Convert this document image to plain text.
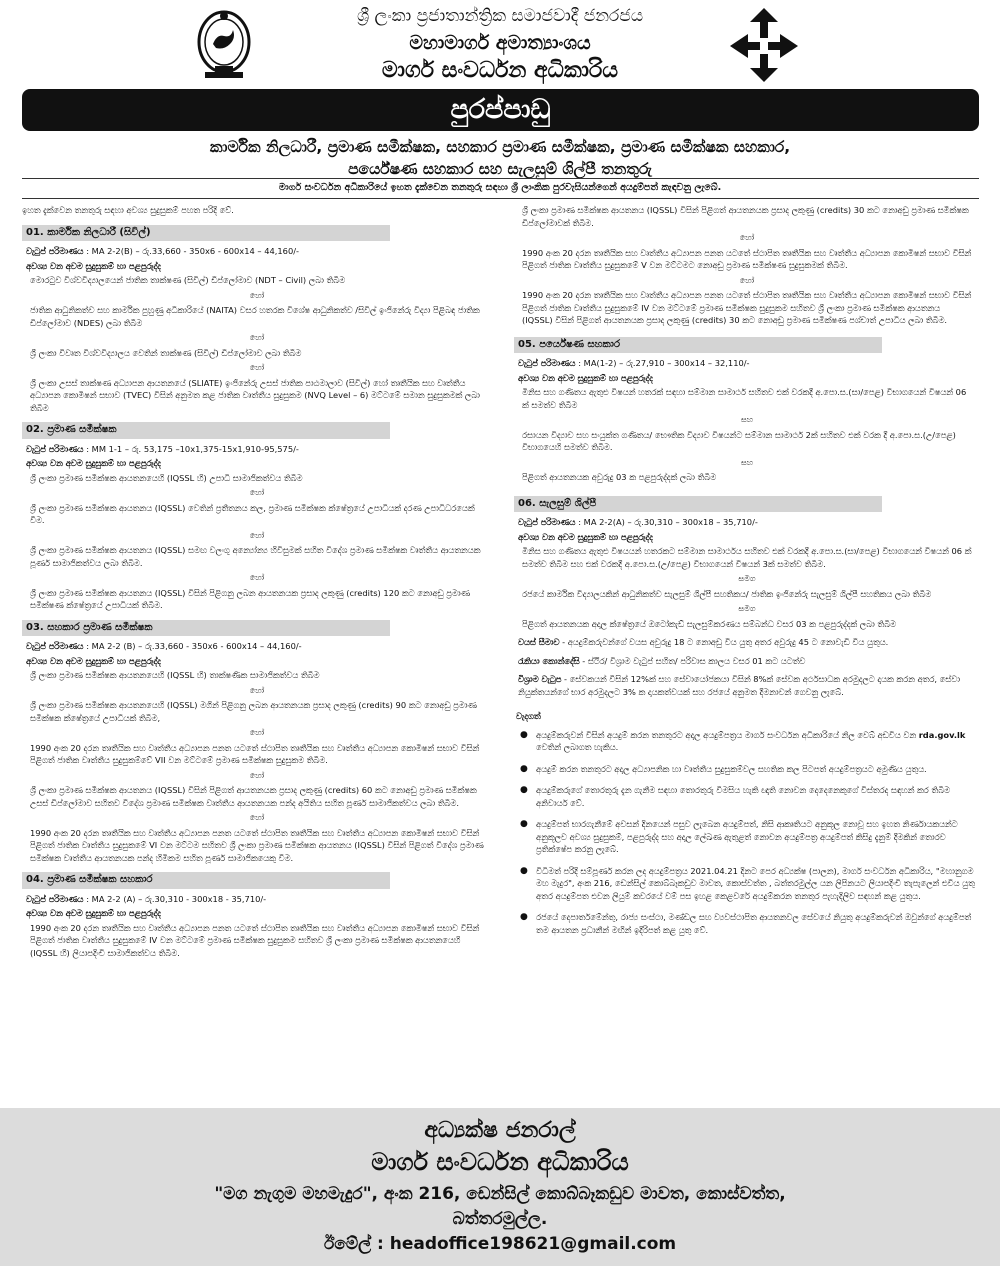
ශ්‍රී ලංකා ප්‍රජාතාන්ත්‍රික සමාජවාදී ජනරජය
මහාමාර්ග අමාත්‍යාංශය
මාර්ග සංවර්ධන අධිකාරිය
පුරප්පාඩු
කාර්මික නිලධාරී, ප්‍රමාණ සමීක්ෂක, සහකාර ප්‍රමාණ සමීක්ෂක, ප්‍රමාණ සමීක්ෂක සහකාර,
පර්යේෂණ සහකාර සහ සැලසුම් ශිල්පී තනතුරු
මාර්ග සංවර්ධන අධිකාරියේ ඉහත දැක්වෙන තනතුරු සඳහා ශ්‍රී ලාංකික පුරවැසියන්ගෙන් අයදුම්පත් කැඳවනු ලැබේ.
ඉහත දැක්වෙන තනතුරු සඳහා අවශ්‍ය සුදුසුකම් පහත පරිදි වේ.
01. කාර්මික නිලධාරී (සිවිල්)
වැටුප් පරිමාණය : MA 2-2(B) – රු.33,660 - 350x6 - 600x14 – 44,160/-
අවශ්‍ය වන අවම සුදුසුකම් හා පළපුරුද්ද
මොරටුව විශ්වවිද්‍යාලයෙන් ජාතික තාක්ෂණ (සිවිල්) ඩිප්ලෝමාව (NDT – Civil) ලබා තිබීම
හෝ
ජාතික ආධුනිකත්ව සහ කාර්මික පුහුණු අධිකාරියේ (NAITA) වසර හතරක විශේෂ ආධුනිකත්ව /සිවිල් ඉංජිනේරු විද්‍යා පිළිබඳ ජාතික ඩිප්ලෝමාව (NDES) ලබා තිබීම
හෝ
ශ්‍රී ලංකා විවෘත විශ්වවිද්‍යාලය වෙතින් තාක්ෂණ (සිවිල්) ඩිප්ලෝමාව ලබා තිබීම
හෝ
ශ්‍රී ලංකා උසස් තාක්ෂණ අධ්‍යාපන ආයතනයේ (SLIATE) ඉංජිනේරු උසස් ජාතික පාඨමාලාව (සිවිල්) හෝ තෘතීයික සහ වෘත්තීය අධ්‍යාපන කොමිෂන් සභාව (TVEC) විසින් අනුමත කළ ජාතික වෘත්තීය සුදුසුකම (NVQ Level – 6) මට්ටමේ සමාන සුදුසුකමක් ලබා තිබීම
02. ප්‍රමාණ සමීක්ෂක
වැටුප් පරිමාණය : MM 1-1 – රු. 53,175 –10x1,375-15x1,910-95,575/-
අවශ්‍ය වන අවම සුදුසුකම් හා පළපුරුද්ද
ශ්‍රී ලංකා ප්‍රමාණ සමීක්ෂක ආයතනයෙහි (IQSSL හි) උපාධි සාමාජිකත්වය තිබීම
හෝ
ශ්‍රී ලංකා ප්‍රමාණ සමීක්ෂක ආයතනය (IQSSL) වෙතින් ප්‍රතීතනය කල, ප්‍රමාණ සමීක්ෂක ක්ෂේත්‍රයේ උපාධියක් දරණ උපාධිධරයෙක් වීම.
හෝ
ශ්‍රී ලංකා ප්‍රමාණ සමීක්ෂක ආයතනය (IQSSL) සමඟ වලංගු අන්‍යෝන්‍ය හිවිසුමක් සහිත විදේශ ප්‍රමාණ සමීක්ෂක වෘත්තීය ආයතනයක පූර්ණ සාමාජිකත්වය ලබා තිබීම.
හෝ
ශ්‍රී ලංකා ප්‍රමාණ සමීක්ෂක ආයතනය (IQSSL) විසින් පිළිගනු ලබන ආයතනයක ප්‍රසාද ලකුණු (credits) 120 කට නොඅඩු ප්‍රමාණ සමීක්ෂණ ක්ෂේත්‍රයේ උපාධියක් තිබීම.
03. සහකාර ප්‍රමාණ සමීක්ෂක
වැටුප් පරිමාණය : MA 2-2 (B) – රු.33,660 - 350x6 - 600x14 – 44,160/-
අවශ්‍ය වන අවම සුදුසුකම් හා පළපුරුද්ද
ශ්‍රී ලංකා ප්‍රමාණ සමීක්ෂක ආයතනයෙහි (IQSSL හි) තාක්ෂණික සාමාජිකත්වය තිබීම
හෝ
ශ්‍රී ලංකා ප්‍රමාණ සමීක්ෂක ආයතනයෙහි (IQSSL) මගින් පිළිගනු ලබන ආයතනයක ප්‍රසාද ලකුණු (credits) 90 කට නොඅඩු ප්‍රමාණ සමීක්ෂක ක්ෂේත්‍රයේ උපාධියක් තිබීම,
හෝ
1990 අංක 20 දරන තෘතීයික සහ වෘත්තීය අධ්‍යාපන පනත යටතේ ස්ථාපිත තෘතීයික සහ වෘත්තීය අධ්‍යාපන කොමිෂන් සභාව විසින් පිළිගත් ජාතික වෘත්තීය සුදුසුකම්වේ VII වන මට්ටමේ ප්‍රමාණ සමීක්ෂක සුදුසුකම තිබීම.
හෝ
ශ්‍රී ලංකා ප්‍රමාණ සමීක්ෂක ආයතනය (IQSSL) විසින් පිළිගත් ආයතනයක ප්‍රසාද ලකුණු (credits) 60 කට නොඅඩු ප්‍රමාණ සමීක්ෂක උසස් ඩිප්ලෝමාව සහිතව විදේශ ප්‍රමාණ සමීක්ෂක වෘත්තීය ආයතනයක පන්ද අයිතිය සහිත පූර්ණ සාමාජිකත්වය ලබා තිබීම.
හෝ
1990 අංක 20 දරන තෘතීයික සහ වෘත්තීය අධ්‍යාපන පනත යටතේ ස්ථාපිත තෘතීයික සහ වෘත්තීය අධ්‍යාපන කොමිෂන් සභාව විසින් පිළිගත් ජාතික වෘත්තීය සුදුසුකමේ VI වන මට්ටම සහිතව ශ්‍රී ලංකා ප්‍රමාණ සමීක්ෂක ආයතනය (IQSSL) විසින් පිළිගත් විදේශ ප්‍රමාණ සමීක්ෂක වෘත්තීය ආයතනයක පන්ද හිමිකම සහිත පූර්ණ සාමාජිකයෙකු වීම.
04. ප්‍රමාණ සමීක්ෂක සහකාර
වැටුප් පරිමාණය : MA 2-2 (A) – රු.30,310 - 300x18 - 35,710/-
අවශ්‍ය වන අවම සුදුසුකම් හා පළපුරුද්ද
1990 අංක 20 දරන තෘතීයික සහ වෘත්තීය අධ්‍යාපන පනත යටතේ ස්ථාපිත තෘතීයික සහ වෘත්තීය අධ්‍යාපන කොමිෂන් සභාව විසින් පිළිගත් ජාතික වෘත්තීය සුදුසුකමේ IV වන මට්ටමේ ප්‍රමාණ සමීක්ෂක සුදුසුකම සහිතව ශ්‍රී ලංකා ප්‍රමාණ සමීක්ෂක ආයතනයෙහි (IQSSL හි) ලියාපදිංචි සාමාජිකත්වය තිබීම.
ශ්‍රී ලංකා ප්‍රමාණ සමීක්ෂක ආයතනය (IQSSL) විසින් පිළිගත් ආයතනයක ප්‍රසාද ලකුණු (credits) 30 කට නොඅඩු ප්‍රමාණ සමීක්ෂක ඩිප්ලෝමාවක් තිබීම.
හෝ
1990 අංක 20 දරන තෘතීයික සහ වෘත්තීය අධ්‍යාපන පනත යටතේ ස්ථාපිත තෘතීයික සහ වෘත්තීය අධ්‍යාපන කොමිෂන් සභාව විසින් පිළිගත් ජාතික වෘත්තීය සුදුසුකමේ V වන මට්ටමට නොඅඩු ප්‍රමාණ සමීක්ෂණ සුදුසුකමක් තිබීම.
හෝ
1990 අංක 20 දරන තෘතීයික සහ වෘත්තීය අධ්‍යාපන පනත යටතේ ස්ථාපිත තෘතීයික සහ වෘත්තීය අධ්‍යාපන කොමිෂන් සභාව විසින් පිළිගත් ජාතික වෘත්තීය සුදුසුකමේ IV වන මට්ටමේ ප්‍රමාණ සමීක්ෂක සුදුසුකම සහිතව ශ්‍රී ලංකා ප්‍රමාණ සමීක්ෂක ආයතනය (IQSSL) විසින් පිළිගත් ආයතනයක ප්‍රසාද ලකුණු (credits) 30 කට නොඅඩු ප්‍රමාණ සමීක්ෂණ පශ්චාත් උපාධිය ලබා තිබීම.
05. පර්යේෂණ සහකාර
වැටුප් පරිමාණය : MA(1-2) – රු.27,910 – 300x14 – 32,110/-
අවශ්‍ය වන අවම සුදුසුකම් හා පළපුරුද්ද
මිනිස සහ ගණිතය ඇතුළු විෂයන් හතරක් සඳහා සම්මාන සාමාර්ථ සහිතව එක් වරකදී අ.පො.ස.(සා/පෙළ) විභාගයෙන් විෂයන් 06 ක් සමත්ව තිබීම
සහ
රසායන විද්‍යාව සහ සංයුක්ත ගණිතය/ භෞතික විද්‍යාව විෂයන්ට සම්මාන සාමාර්ථ 2ක් සහිතව එක් වරක දී අ.පො.ස.(උ/පෙළ) විභාගයෙහි සමත්ව තිබීම.
සහ
පිළිගත් ආයතනයක අවුරුදු 03 ක පළපුරුද්දක් ලබා තිබීම
06. සැලසුම් ශිල්පී
වැටුප් පරිමාණය : MA 2-2(A) – රු.30,310 – 300x18 – 35,710/-
අවශ්‍ය වන අවම සුදුසුකම් හා පළපුරුද්ද
මිනිස සහ ගණිතය ඇතුළු විෂයයන් හතරකට සම්මාන සාමාර්ථය සහිතව එක් වරකදී අ.පො.ස.(සා/පෙළ) විභාගයෙන් විෂයන් 06 ක් සමත්ව තිබීම සහ එක් වරකදී අ.පො.ස.(උ/පෙළ) විභාගයෙන් විෂයන් 3ක් සමත්ව තිබීම.
සමග
රජයේ කාර්මික විද්‍යාලයකින් ආධුනිකත්ව සැලසුම් ශිල්පී සහතිකය/ ජාතික ඉංජිනේරු සැලසුම් ශිල්පී සහතිකය ලබා තිබීම
සමග
පිළිගත් ආයතනයක අදාල ක්ෂේත්‍රයේ ඔටෝකැඩ් සැලසුම්කරණය සම්බන්ධ වසර 03 ක පළපුරුද්දක් ලබා තිබීම
වයස් සීමාව - අයදුම්කරුවන්ගේ වයස අවුරුදු 18 ට නොඅඩු විය යුතු අතර අවුරුදු 45 ට නොවැඩි විය යුතුය.
රැකියා කොන්දේසි - ස්ථිර/ විශ්‍රාම වැටුප් සහිත/ පරිවාස කාලය වසර 01 කට යටත්ව
විශ්‍රාම වැටුප - සේවකයන් විසින් 12%ක් සහ සේවායෝජකයා විසින් 8%ක් සේවක අර්ථසාධක අරමුදලට දායක කරන අතර, සේවා නියුක්තයන්ගේ භාර අරමුදලට 3% ක දායකත්වයක් සහ රජයේ අනුමත දීමනාවන් ගෙවනු ලැබේ.
වැදගත්
● අයදුම්කරුවන් විසින් අයදුම් කරන තනතුරට අදාල අයදුම්පත්‍රය මාර්ග සංවර්ධන අධිකාරියේ නිල වෙබ් අඩවිය වන rda.gov.lk වෙතින් ලබාගත හැකිය.
● අයදුම් කරන තනතුරට අදාල අධ්‍යාපනික හා වෘත්තීය සුදුසුකම්වල සහතික කල පිටපත් අයදුම්පත්‍රයට අමුණිය යුතුය.
● අයදුම්කරුගේ තොරතුරු දැන ගැනීම සඳහා තොරතුරු විමසිය හැකි ඥාති නොවන දෙදෙනෙකුගේ විස්තරද සඳහන් කර තිබීම අනිවාර්ය වේ.
● අයදුම්පත් භාරගැනීමේ අවසන් දිනයෙන් පසුව ලැබෙන අයදුම්පත්, නිසි ආකෘතියට අනුකූල නොවූ සහ ඉහත නිර්ණායකයන්ට අනුකූලව අවශ්‍ය සුදුසුකම්, පළපුරුද්ද සහ අදාල ලේඛණ ඇතුළත් නොවන අයදුම්පත්‍ර අයදුම්පත් කිසිදු දැනුම් දීමකින් තොරව ප්‍රතික්ෂේප කරනු ලැබේ.
● විධිමත් පරිදි සම්පූර්ණ කරන ලද අයදුම්පත්‍රය 2021.04.21 දිනට පෙර අධ්‍යක්ෂ (පාලන), මාර්ග සංවර්ධන අධිකාරිය, "මහානුගම මහ මැදුර", අංක 216, ඩෙන්සිල් කොබ්බෑකඩුව මාවත, කොස්වත්ත , බත්තරමුල්ල යන ලිපිනයට ලියාපදිංචි තැපැලෙන් එවිය යුතු අතර අයදුම්පත එවන ලියුම් කවරයේ වම් පස ඉහළ කෙළවරේ අයදුම්කරන තනතුර පැහැදිලිව සඳහන් කළ යුතුය.
● රජයේ දෙපාර්තමේන්තු, රාජ්‍ය සංස්ථා, මණ්ඩල සහ ව්‍යවස්ථාපිත ආයතනවල සේවයේ නියුතු අයදුම්කරුවන් ඔවුන්ගේ අයදුම්පත් තම ආයතන ප්‍රධානීන් මඟින් ඉදිරිපත් කළ යුතු වේ.
අධ්‍යක්ෂ ජනරාල්
මාර්ග සංවර්ධන අධිකාරිය
"මග නැගුම මහමැදුර", අංක 216, ඩෙන්සිල් කොබ්බෑකඩුව මාවත, කොස්වත්ත,
බත්තරමුල්ල.
ඊමේල් : headoffice198621@gmail.com
